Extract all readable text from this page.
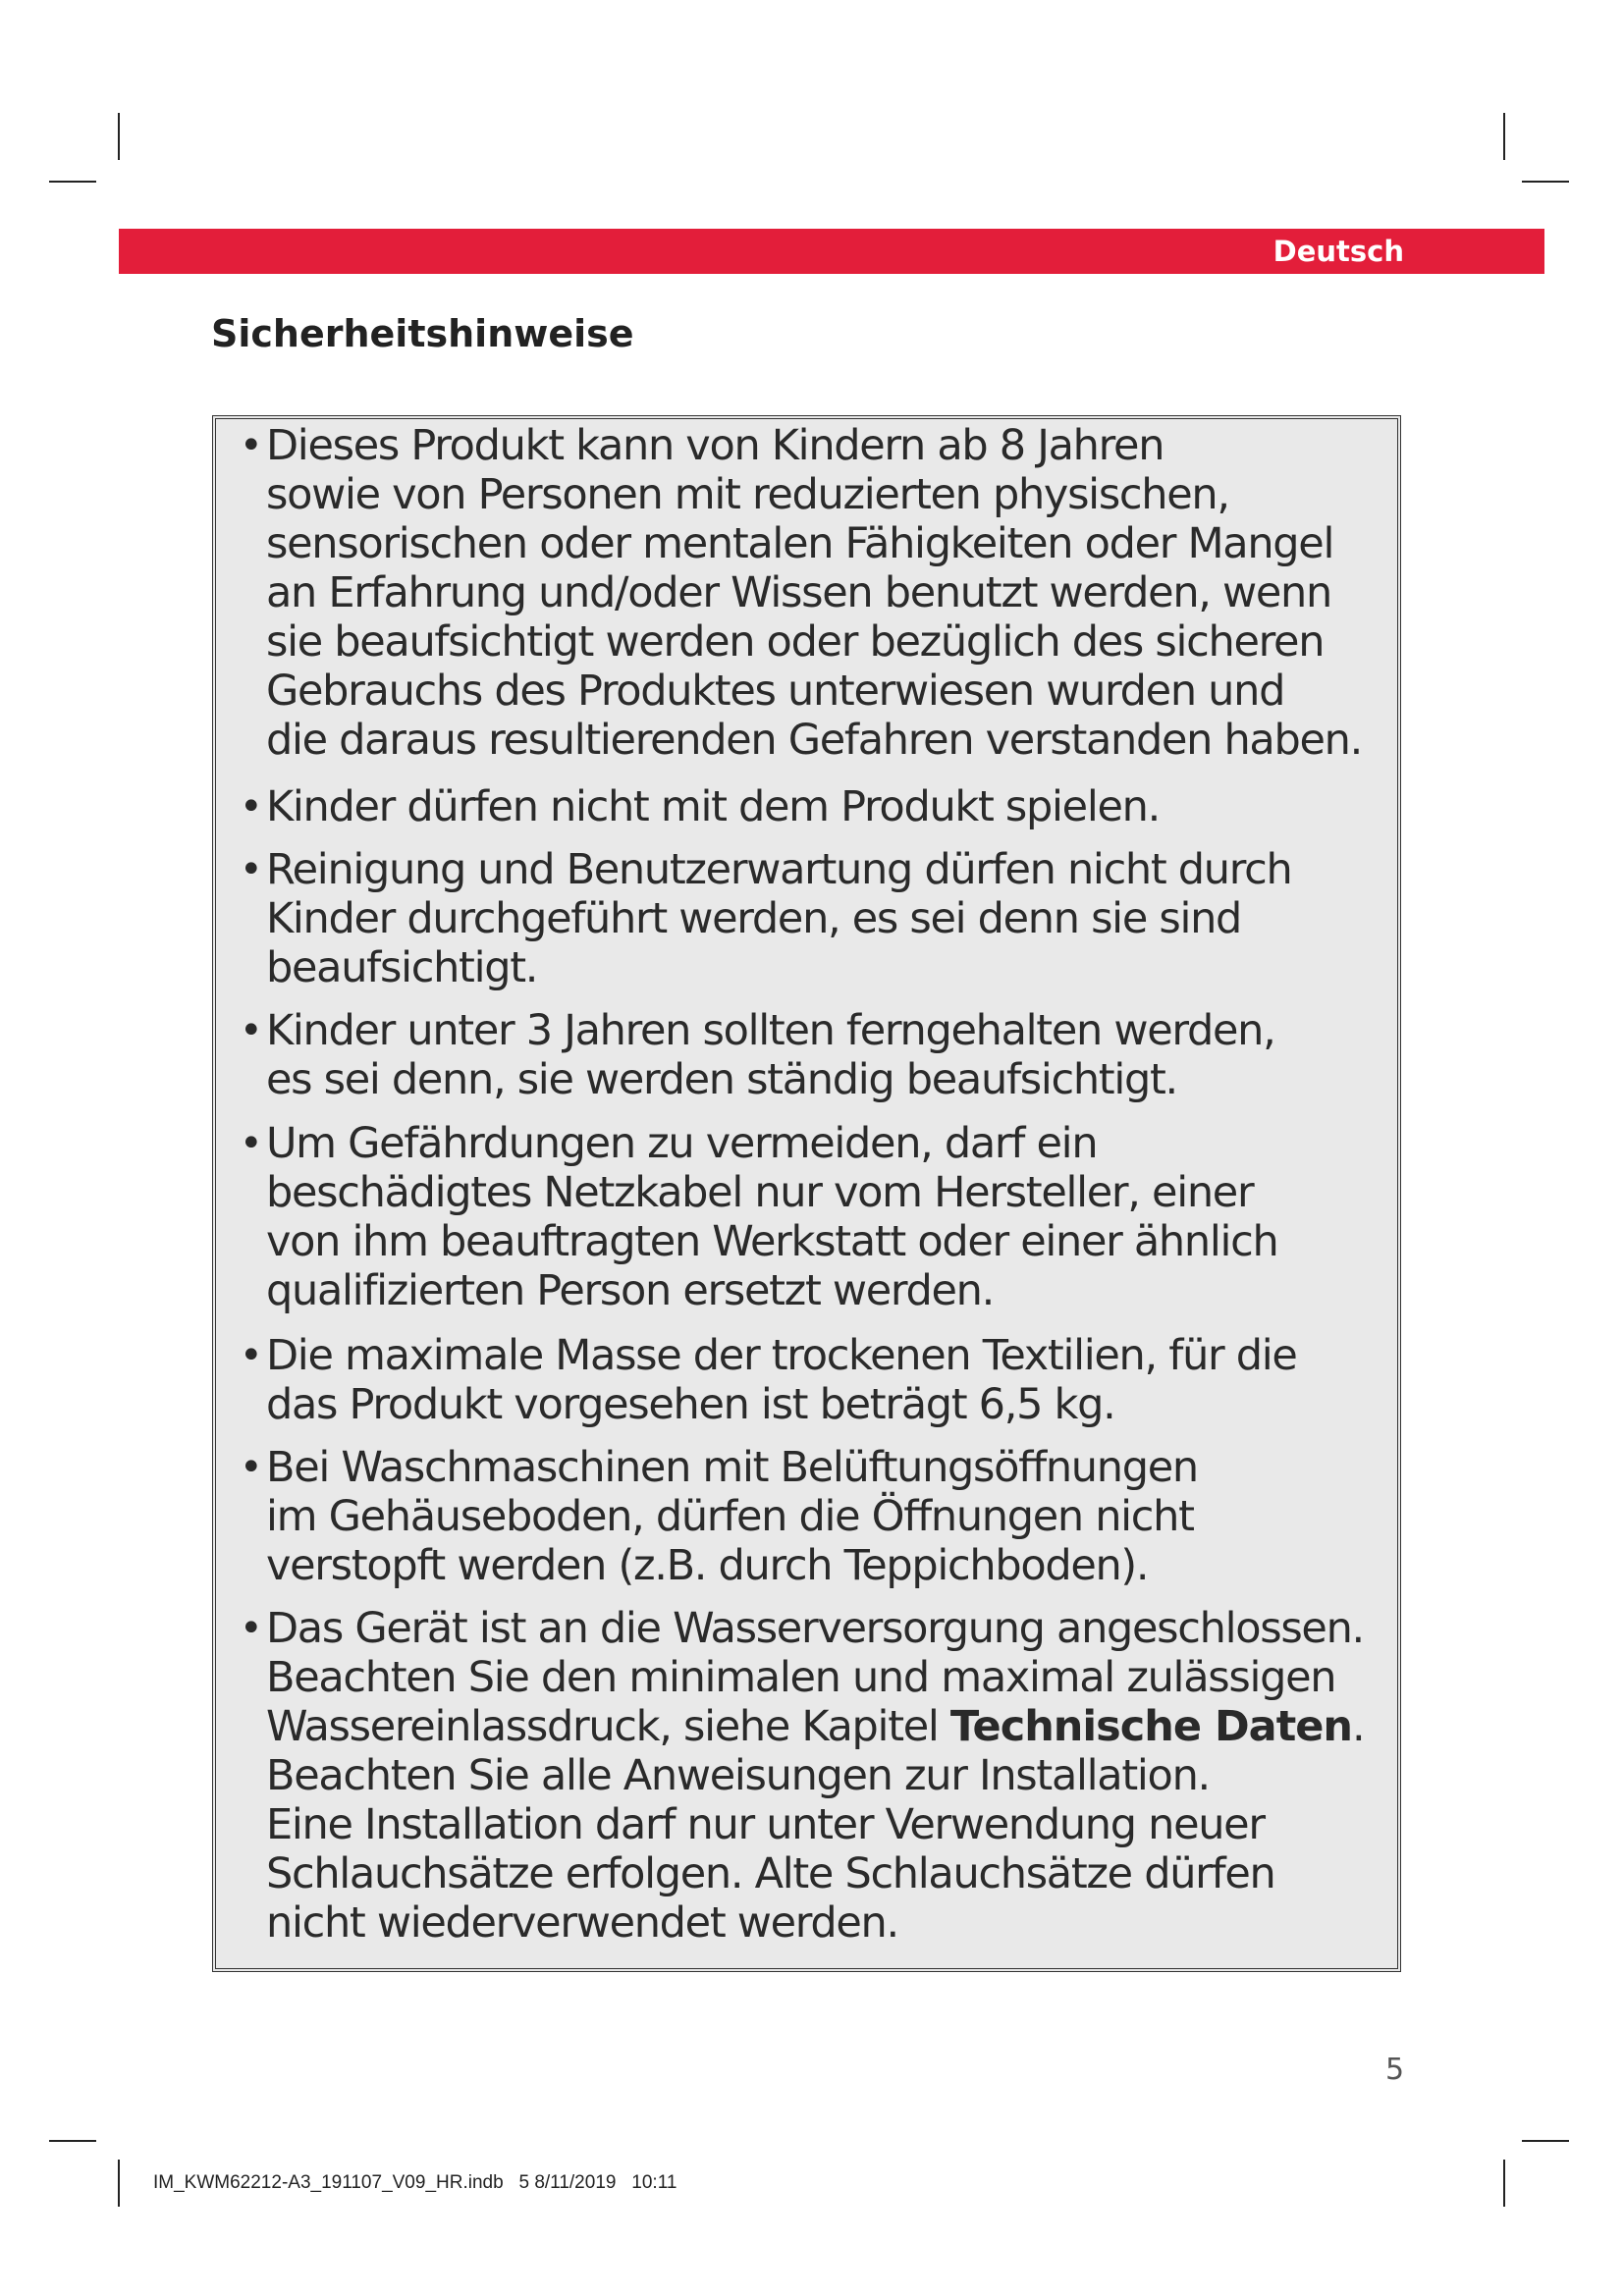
Deutsch
Sicherheitshinweise
• Dieses Produkt kann von Kindern ab 8 Jahren
sowie von Personen mit reduzierten physischen,
sensorischen oder mentalen Fähigkeiten oder Mangel
an Erfahrung und/oder Wissen benutzt werden, wenn
sie beaufsichtigt werden oder bezüglich des sicheren
Gebrauchs des Produktes unterwiesen wurden und
die daraus resultierenden Gefahren verstanden haben.
• Kinder dürfen nicht mit dem Produkt spielen.
• Reinigung und Benutzerwartung dürfen nicht durch
Kinder durchgeführt werden, es sei denn sie sind
beaufsichtigt.
• Kinder unter 3 Jahren sollten ferngehalten werden,
es sei denn, sie werden ständig beaufsichtigt.
• Um Gefährdungen zu vermeiden, darf ein
beschädigtes Netzkabel nur vom Hersteller, einer
von ihm beauftragten Werkstatt oder einer ähnlich
qualifizierten Person ersetzt werden.
• Die maximale Masse der trockenen Textilien, für die
das Produkt vorgesehen ist beträgt 6,5 kg.
• Bei Waschmaschinen mit Belüftungsöffnungen
im Gehäuseboden, dürfen die Öffnungen nicht
verstopft werden (z.B. durch Teppichboden).
• Das Gerät ist an die Wasserversorgung angeschlossen.
Beachten Sie den minimalen und maximal zulässigen
Wassereinlassdruck, siehe Kapitel Technische Daten.
Beachten Sie alle Anweisungen zur Installation.
Eine Installation darf nur unter Verwendung neuer
Schlauchsätze erfolgen. Alte Schlauchsätze dürfen
nicht wiederverwendet werden.
5
IM_KWM62212-A3_191107_V09_HR.indb   5 8/11/2019   10:11
